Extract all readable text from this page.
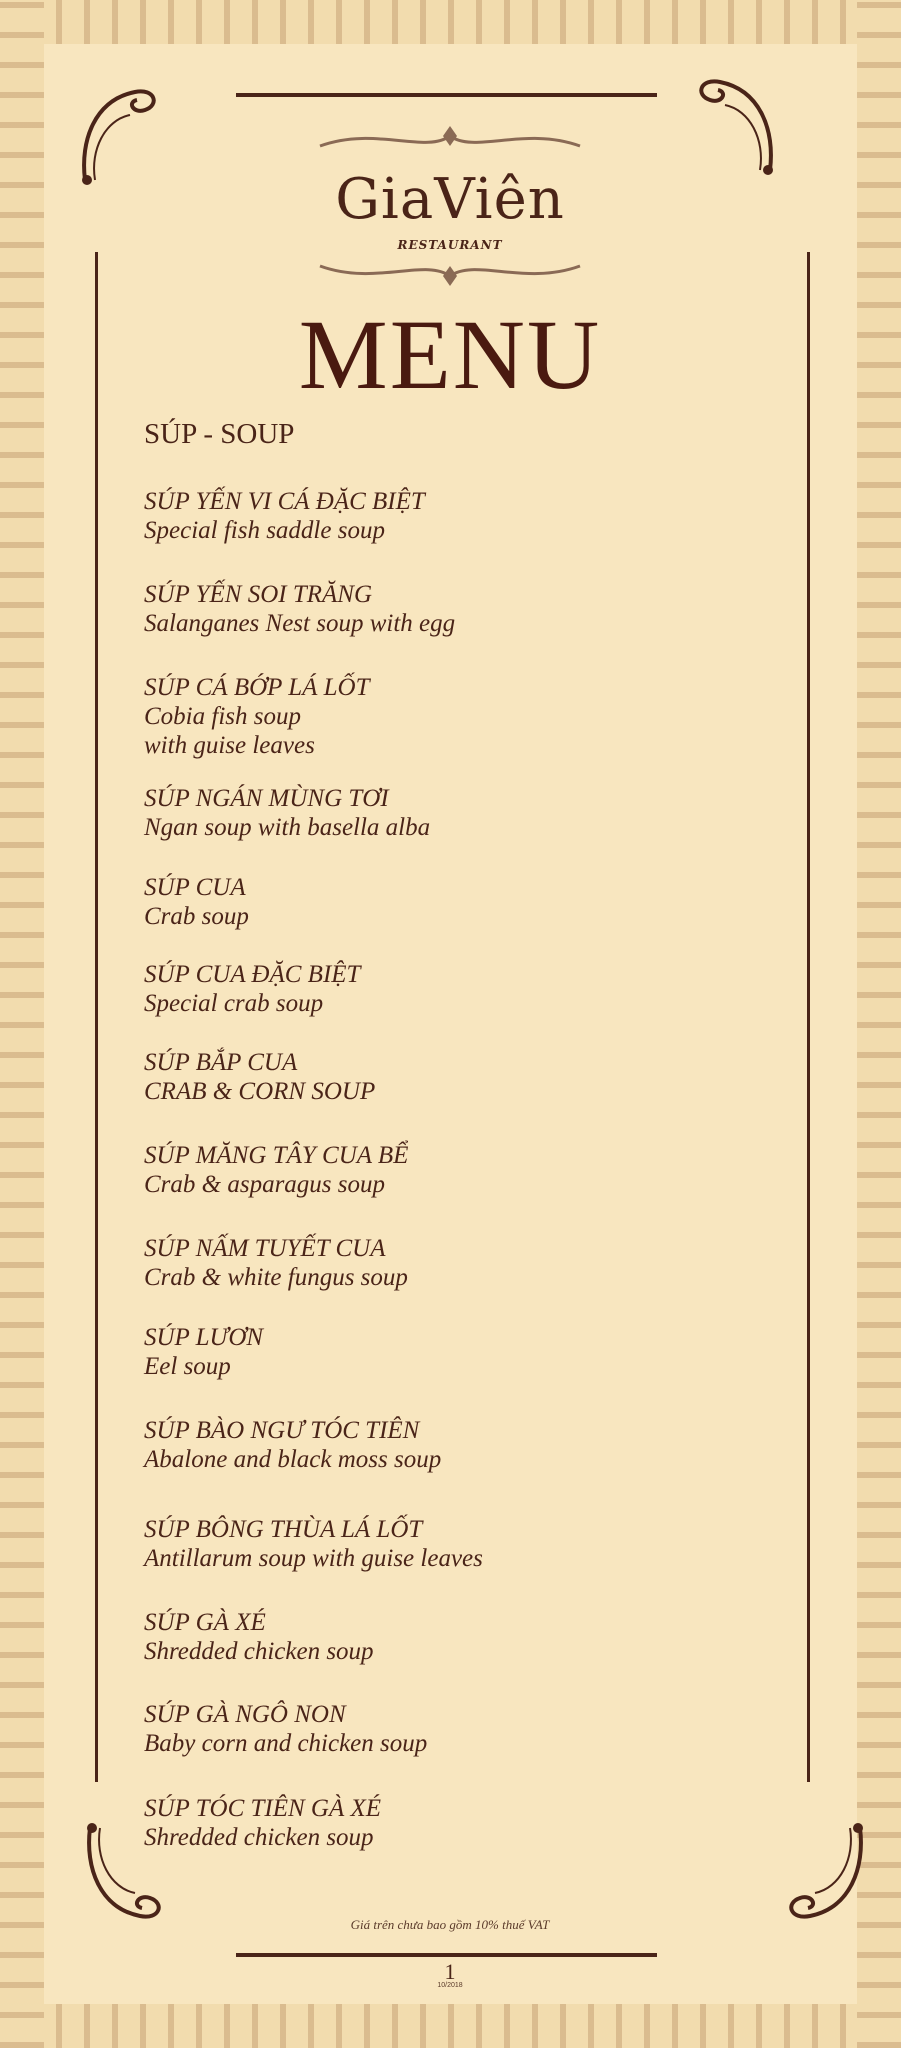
GiaViên
RESTAURANT
MENU
SÚP - SOUP
SÚP YẾN VI CÁ ĐẶC BIỆT
Special fish saddle soup
SÚP YẾN SOI TRĂNG
Salanganes Nest soup with egg
SÚP CÁ BỚP LÁ LỐT
Cobia fish soup
with guise leaves
SÚP NGÁN MÙNG TƠI
Ngan soup with basella alba
SÚP CUA
Crab soup
SÚP CUA ĐẶC BIỆT
Special crab soup
SÚP BẮP CUA
CRAB & CORN SOUP
SÚP MĂNG TÂY CUA BỂ
Crab & asparagus soup
SÚP NẤM TUYẾT CUA
Crab & white fungus soup
SÚP LƯƠN
Eel soup
SÚP BÀO NGƯ TÓC TIÊN
Abalone and black moss soup
SÚP BÔNG THÙA LÁ LỐT
Antillarum soup with guise leaves
SÚP GÀ XÉ
Shredded chicken soup
SÚP GÀ NGÔ NON
Baby corn and chicken soup
SÚP TÓC TIÊN GÀ XÉ
Shredded chicken soup
Giá trên chưa bao gồm 10% thuế VAT
1
10/2018
